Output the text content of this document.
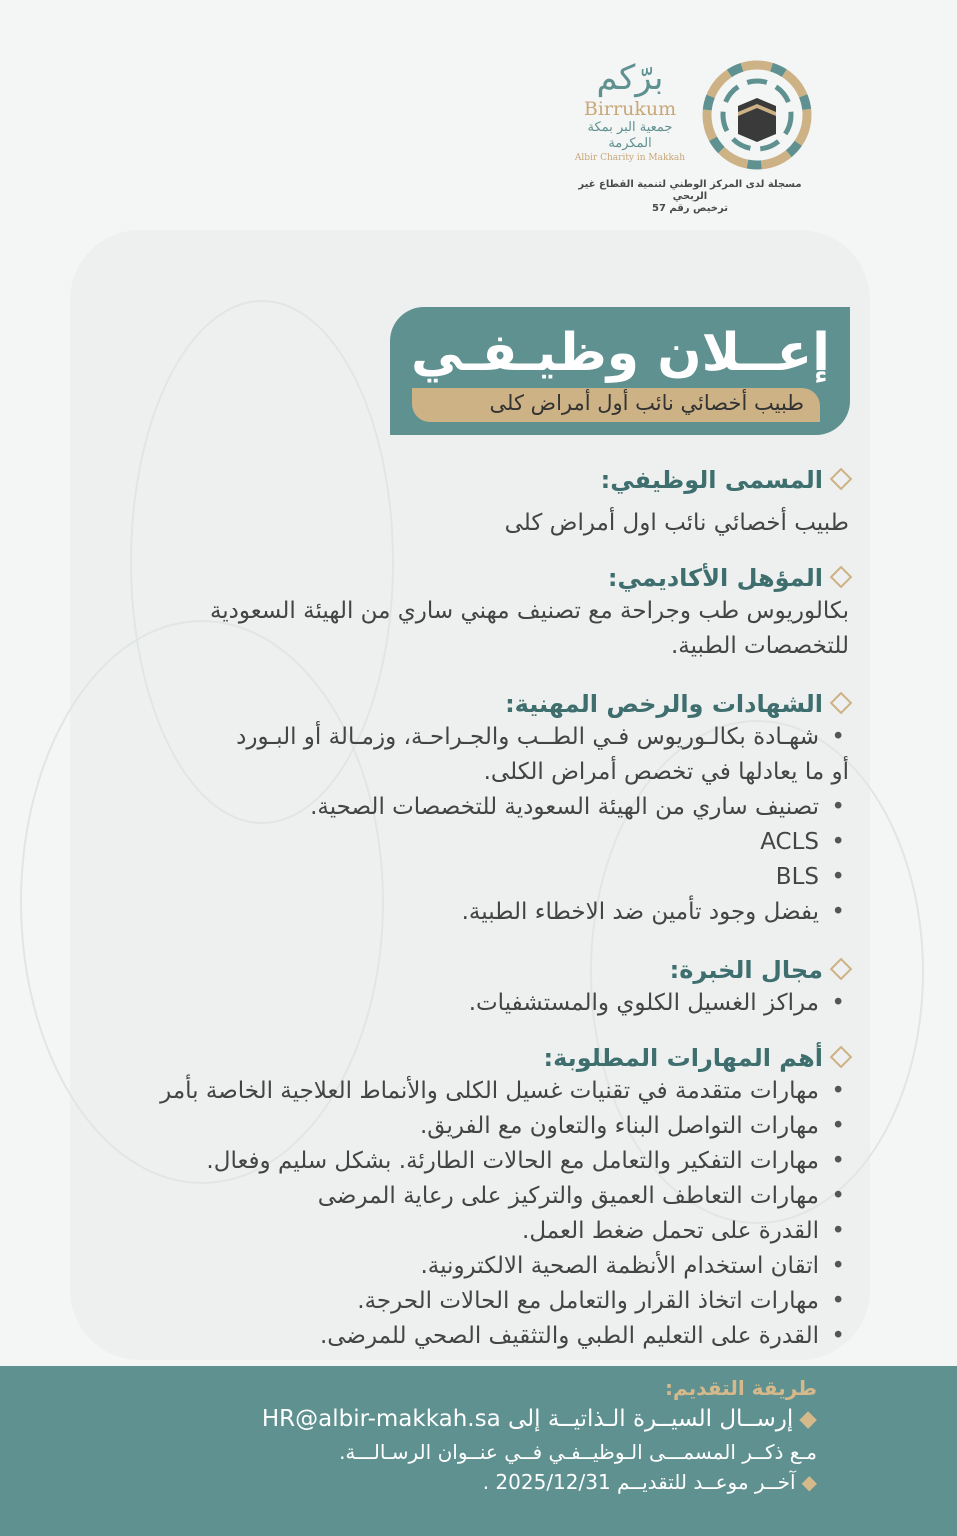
برّكم
Birrukum
جمعية البر بمكة المكرمة
Albir Charity in Makkah
مسجلة لدى المركز الوطني لتنمية القطاع غير الربحي
ترخيص رقم 57
إعــلان وظيـفـي
طبيب أخصائي نائب أول أمراض كلى
المسمى الوظيفي:
طبيب أخصائي نائب اول أمراض كلى
المؤهل الأكاديمي:
بكالوريوس طب وجراحة مع تصنيف مهني ساري من الهيئة السعودية
للتخصصات الطبية.
الشهادات والرخص المهنية:
• شهـادة بكالـوريوس فـي الطــب والجـراحـة، وزمـالة أو البـورد
أو ما يعادلها في تخصص أمراض الكلى.
• تصنيف ساري من الهيئة السعودية للتخصصات الصحية.
• ACLS
• BLS
• يفضل وجود تأمين ضد الاخطاء الطبية.
مجال الخبرة:
• مراكز الغسيل الكلوي والمستشفيات.
أهم المهارات المطلوبة:
• مهارات متقدمة في تقنيات غسيل الكلى والأنماط العلاجية الخاصة بأمر
• مهارات التواصل البناء والتعاون مع الفريق.
• مهارات التفكير والتعامل مع الحالات الطارئة. بشكل سليم وفعال.
• مهارات التعاطف العميق والتركيز على رعاية المرضى
• القدرة على تحمل ضغط العمل.
• اتقان استخدام الأنظمة الصحية الالكترونية.
• مهارات اتخاذ القرار والتعامل مع الحالات الحرجة.
• القدرة على التعليم الطبي والتثقيف الصحي للمرضى.
طريقة التقديم:
◆إرســال السيــرة الـذاتيــة إلى HR@albir-makkah.sa
مـع ذكــر المسمـــى الـوظيــفـي فــي عنــوان الرسـالـــة.
◆آخــر موعــد للتقديــم 2025/12/31 .
